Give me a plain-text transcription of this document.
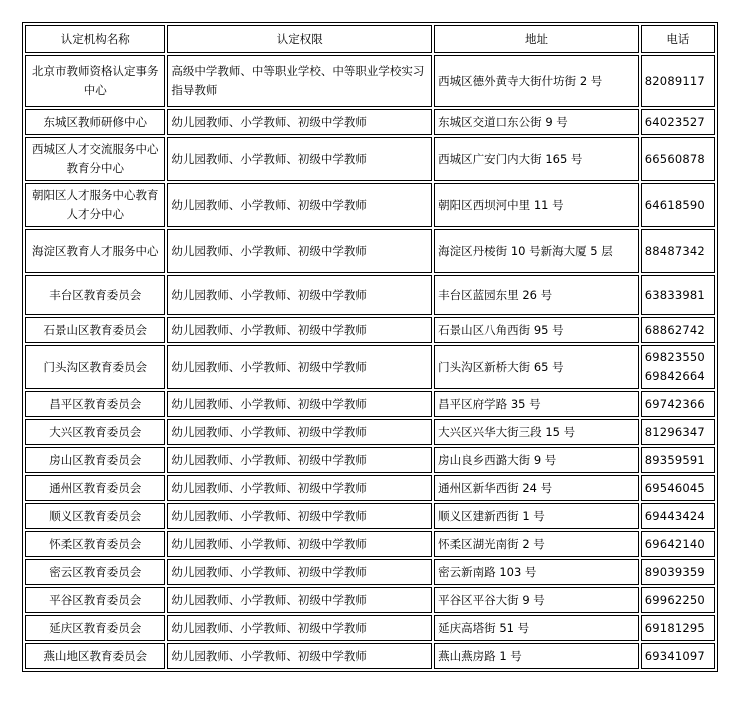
认定机构名称	认定权限	地址	电话
北京市教师资格认定事务中心	高级中学教师、中等职业学校、中等职业学校实习指导教师	西城区德外黄寺大街什坊街 2 号	82089117

东城区教师研修中心	幼儿园教师、小学教师、初级中学教师	东城区交道口东公街 9 号	64023527

西城区人才交流服务中心教育分中心	幼儿园教师、小学教师、初级中学教师	西城区广安门内大街 165 号	66560878

朝阳区人才服务中心教育人才分中心	幼儿园教师、小学教师、初级中学教师	朝阳区西坝河中里 11 号	64618590

海淀区教育人才服务中心	幼儿园教师、小学教师、初级中学教师	海淀区丹棱街 10 号新海大厦 5 层	88487342

丰台区教育委员会	幼儿园教师、小学教师、初级中学教师	丰台区蓝园东里 26 号	63833981

石景山区教育委员会	幼儿园教师、小学教师、初级中学教师	石景山区八角西街 95 号	68862742

门头沟区教育委员会	幼儿园教师、小学教师、初级中学教师	门头沟区新桥大街 65 号	69823550
69842664

昌平区教育委员会	幼儿园教师、小学教师、初级中学教师	昌平区府学路 35 号	69742366

大兴区教育委员会	幼儿园教师、小学教师、初级中学教师	大兴区兴华大街三段 15 号	81296347

房山区教育委员会	幼儿园教师、小学教师、初级中学教师	房山良乡西潞大街 9 号	89359591

通州区教育委员会	幼儿园教师、小学教师、初级中学教师	通州区新华西街 24 号	69546045

顺义区教育委员会	幼儿园教师、小学教师、初级中学教师	顺义区建新西街 1 号	69443424

怀柔区教育委员会	幼儿园教师、小学教师、初级中学教师	怀柔区湖光南街 2 号	69642140

密云区教育委员会	幼儿园教师、小学教师、初级中学教师	密云新南路 103 号	89039359

平谷区教育委员会	幼儿园教师、小学教师、初级中学教师	平谷区平谷大街 9 号	69962250

延庆区教育委员会	幼儿园教师、小学教师、初级中学教师	延庆高塔街 51 号	69181295

燕山地区教育委员会	幼儿园教师、小学教师、初级中学教师	燕山燕房路 1 号	69341097
